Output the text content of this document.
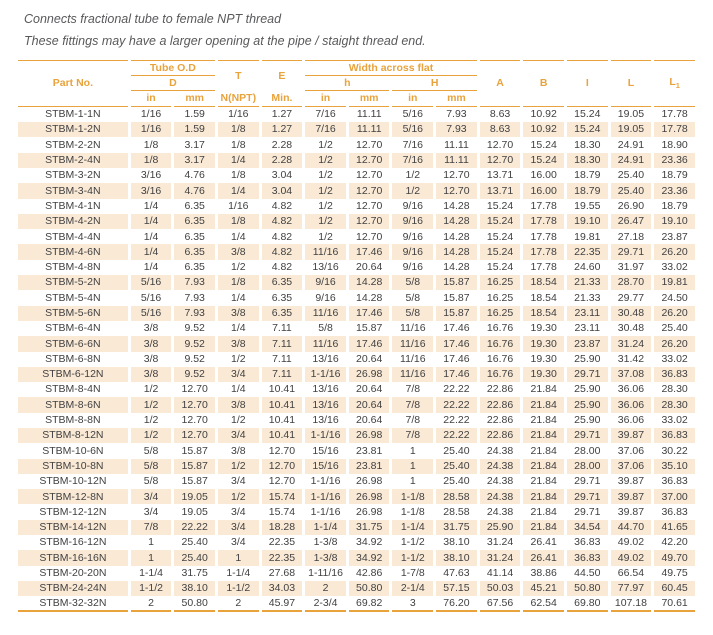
Connects fractional tube to female NPT thread

These fittings may have a larger opening at the pipe / staight thread end.

Part No.	Tube O.D		T	E	Width across flat				A	B	I	L	$L_1$
	D				h		H						
	in	mm	N(NPT)	Min.	in	mm	in	mm					
STBM-1-1N	1/16	1.59	1/16	1.27	7/16	11.11	5/16	7.93	8.63	10.92	15.24	19.05	17.78
STBM-1-2N	1/16	1.59	1/8	1.27	7/16	11.11	5/16	7.93	8.63	10.92	15.24	19.05	17.78
STBM-2-2N	1/8	3.17	1/8	2.28	1/2	12.70	7/16	11.11	12.70	15.24	18.30	24.91	18.90
STBM-2-4N	1/8	3.17	1/4	2.28	1/2	12.70	7/16	11.11	12.70	15.24	18.30	24.91	23.36
STBM-3-2N	3/16	4.76	1/8	3.04	1/2	12.70	1/2	12.70	13.71	16.00	18.79	25.40	18.79
STBM-3-4N	3/16	4.76	1/4	3.04	1/2	12.70	1/2	12.70	13.71	16.00	18.79	25.40	23.36
STBM-4-1N	1/4	6.35	1/16	4.82	1/2	12.70	9/16	14.28	15.24	17.78	19.55	26.90	18.79
STBM-4-2N	1/4	6.35	1/8	4.82	1/2	12.70	9/16	14.28	15.24	17.78	19.10	26.47	19.10
STBM-4-4N	1/4	6.35	1/4	4.82	1/2	12.70	9/16	14.28	15.24	17.78	19.81	27.18	23.87
STBM-4-6N	1/4	6.35	3/8	4.82	11/16	17.46	9/16	14.28	15.24	17.78	22.35	29.71	26.20
STBM-4-8N	1/4	6.35	1/2	4.82	13/16	20.64	9/16	14.28	15.24	17.78	24.60	31.97	33.02
STBM-5-2N	5/16	7.93	1/8	6.35	9/16	14.28	5/8	15.87	16.25	18.54	21.33	28.70	19.81
STBM-5-4N	5/16	7.93	1/4	6.35	9/16	14.28	5/8	15.87	16.25	18.54	21.33	29.77	24.50
STBM-5-6N	5/16	7.93	3/8	6.35	11/16	17.46	5/8	15.87	16.25	18.54	23.11	30.48	26.20
STBM-6-4N	3/8	9.52	1/4	7.11	5/8	15.87	11/16	17.46	16.76	19.30	23.11	30.48	25.40
STBM-6-6N	3/8	9.52	3/8	7.11	11/16	17.46	11/16	17.46	16.76	19.30	23.87	31.24	26.20
STBM-6-8N	3/8	9.52	1/2	7.11	13/16	20.64	11/16	17.46	16.76	19.30	25.90	31.42	33.02
STBM-6-12N	3/8	9.52	3/4	7.11	1-1/16	26.98	11/16	17.46	16.76	19.30	29.71	37.08	36.83
STBM-8-4N	1/2	12.70	1/4	10.41	13/16	20.64	7/8	22.22	22.86	21.84	25.90	36.06	28.30
STBM-8-6N	1/2	12.70	3/8	10.41	13/16	20.64	7/8	22.22	22.86	21.84	25.90	36.06	28.30
STBM-8-8N	1/2	12.70	1/2	10.41	13/16	20.64	7/8	22.22	22.86	21.84	25.90	36.06	33.02
STBM-8-12N	1/2	12.70	3/4	10.41	1-1/16	26.98	7/8	22.22	22.86	21.84	29.71	39.87	36.83
STBM-10-6N	5/8	15.87	3/8	12.70	15/16	23.81	1	25.40	24.38	21.84	28.00	37.06	30.22
STBM-10-8N	5/8	15.87	1/2	12.70	15/16	23.81	1	25.40	24.38	21.84	28.00	37.06	35.10
STBM-10-12N	5/8	15.87	3/4	12.70	1-1/16	26.98	1	25.40	24.38	21.84	29.71	39.87	36.83
STBM-12-8N	3/4	19.05	1/2	15.74	1-1/16	26.98	1-1/8	28.58	24.38	21.84	29.71	39.87	37.00
STBM-12-12N	3/4	19.05	3/4	15.74	1-1/16	26.98	1-1/8	28.58	24.38	21.84	29.71	39.87	36.83
STBM-14-12N	7/8	22.22	3/4	18.28	1-1/4	31.75	1-1/4	31.75	25.90	21.84	34.54	44.70	41.65
STBM-16-12N	1	25.40	3/4	22.35	1-3/8	34.92	1-1/2	38.10	31.24	26.41	36.83	49.02	42.20
STBM-16-16N	1	25.40	1	22.35	1-3/8	34.92	1-1/2	38.10	31.24	26.41	36.83	49.02	49.70
STBM-20-20N	1-1/4	31.75	1-1/4	27.68	1-11/16	42.86	1-7/8	47.63	41.14	38.86	44.50	66.54	49.75
STBM-24-24N	1-1/2	38.10	1-1/2	34.03	2	50.80	2-1/4	57.15	50.03	45.21	50.80	77.97	60.45
STBM-32-32N	2	50.80	2	45.97	2-3/4	69.82	3	76.20	67.56	62.54	69.80	107.18	70.61
